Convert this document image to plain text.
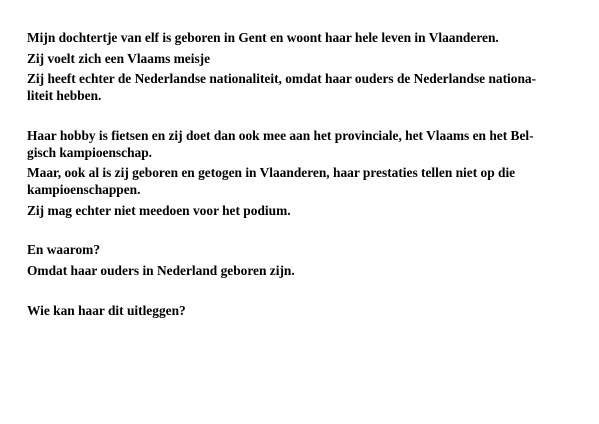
Mijn dochtertje van elf is geboren in Gent en woont haar hele leven in Vlaanderen.
Zij voelt zich een Vlaams meisje
Zij heeft echter de Nederlandse nationaliteit, omdat haar ouders de Nederlandse nationa-
liteit hebben.
Haar hobby is fietsen en zij doet dan ook mee aan het provinciale, het Vlaams en het Bel-
gisch kampioenschap.
Maar, ook al is zij geboren en getogen in Vlaanderen, haar prestaties tellen niet op die
kampioenschappen.
Zij mag echter niet meedoen voor het podium.
En waarom?
Omdat haar ouders in Nederland geboren zijn.
Wie kan haar dit uitleggen?
